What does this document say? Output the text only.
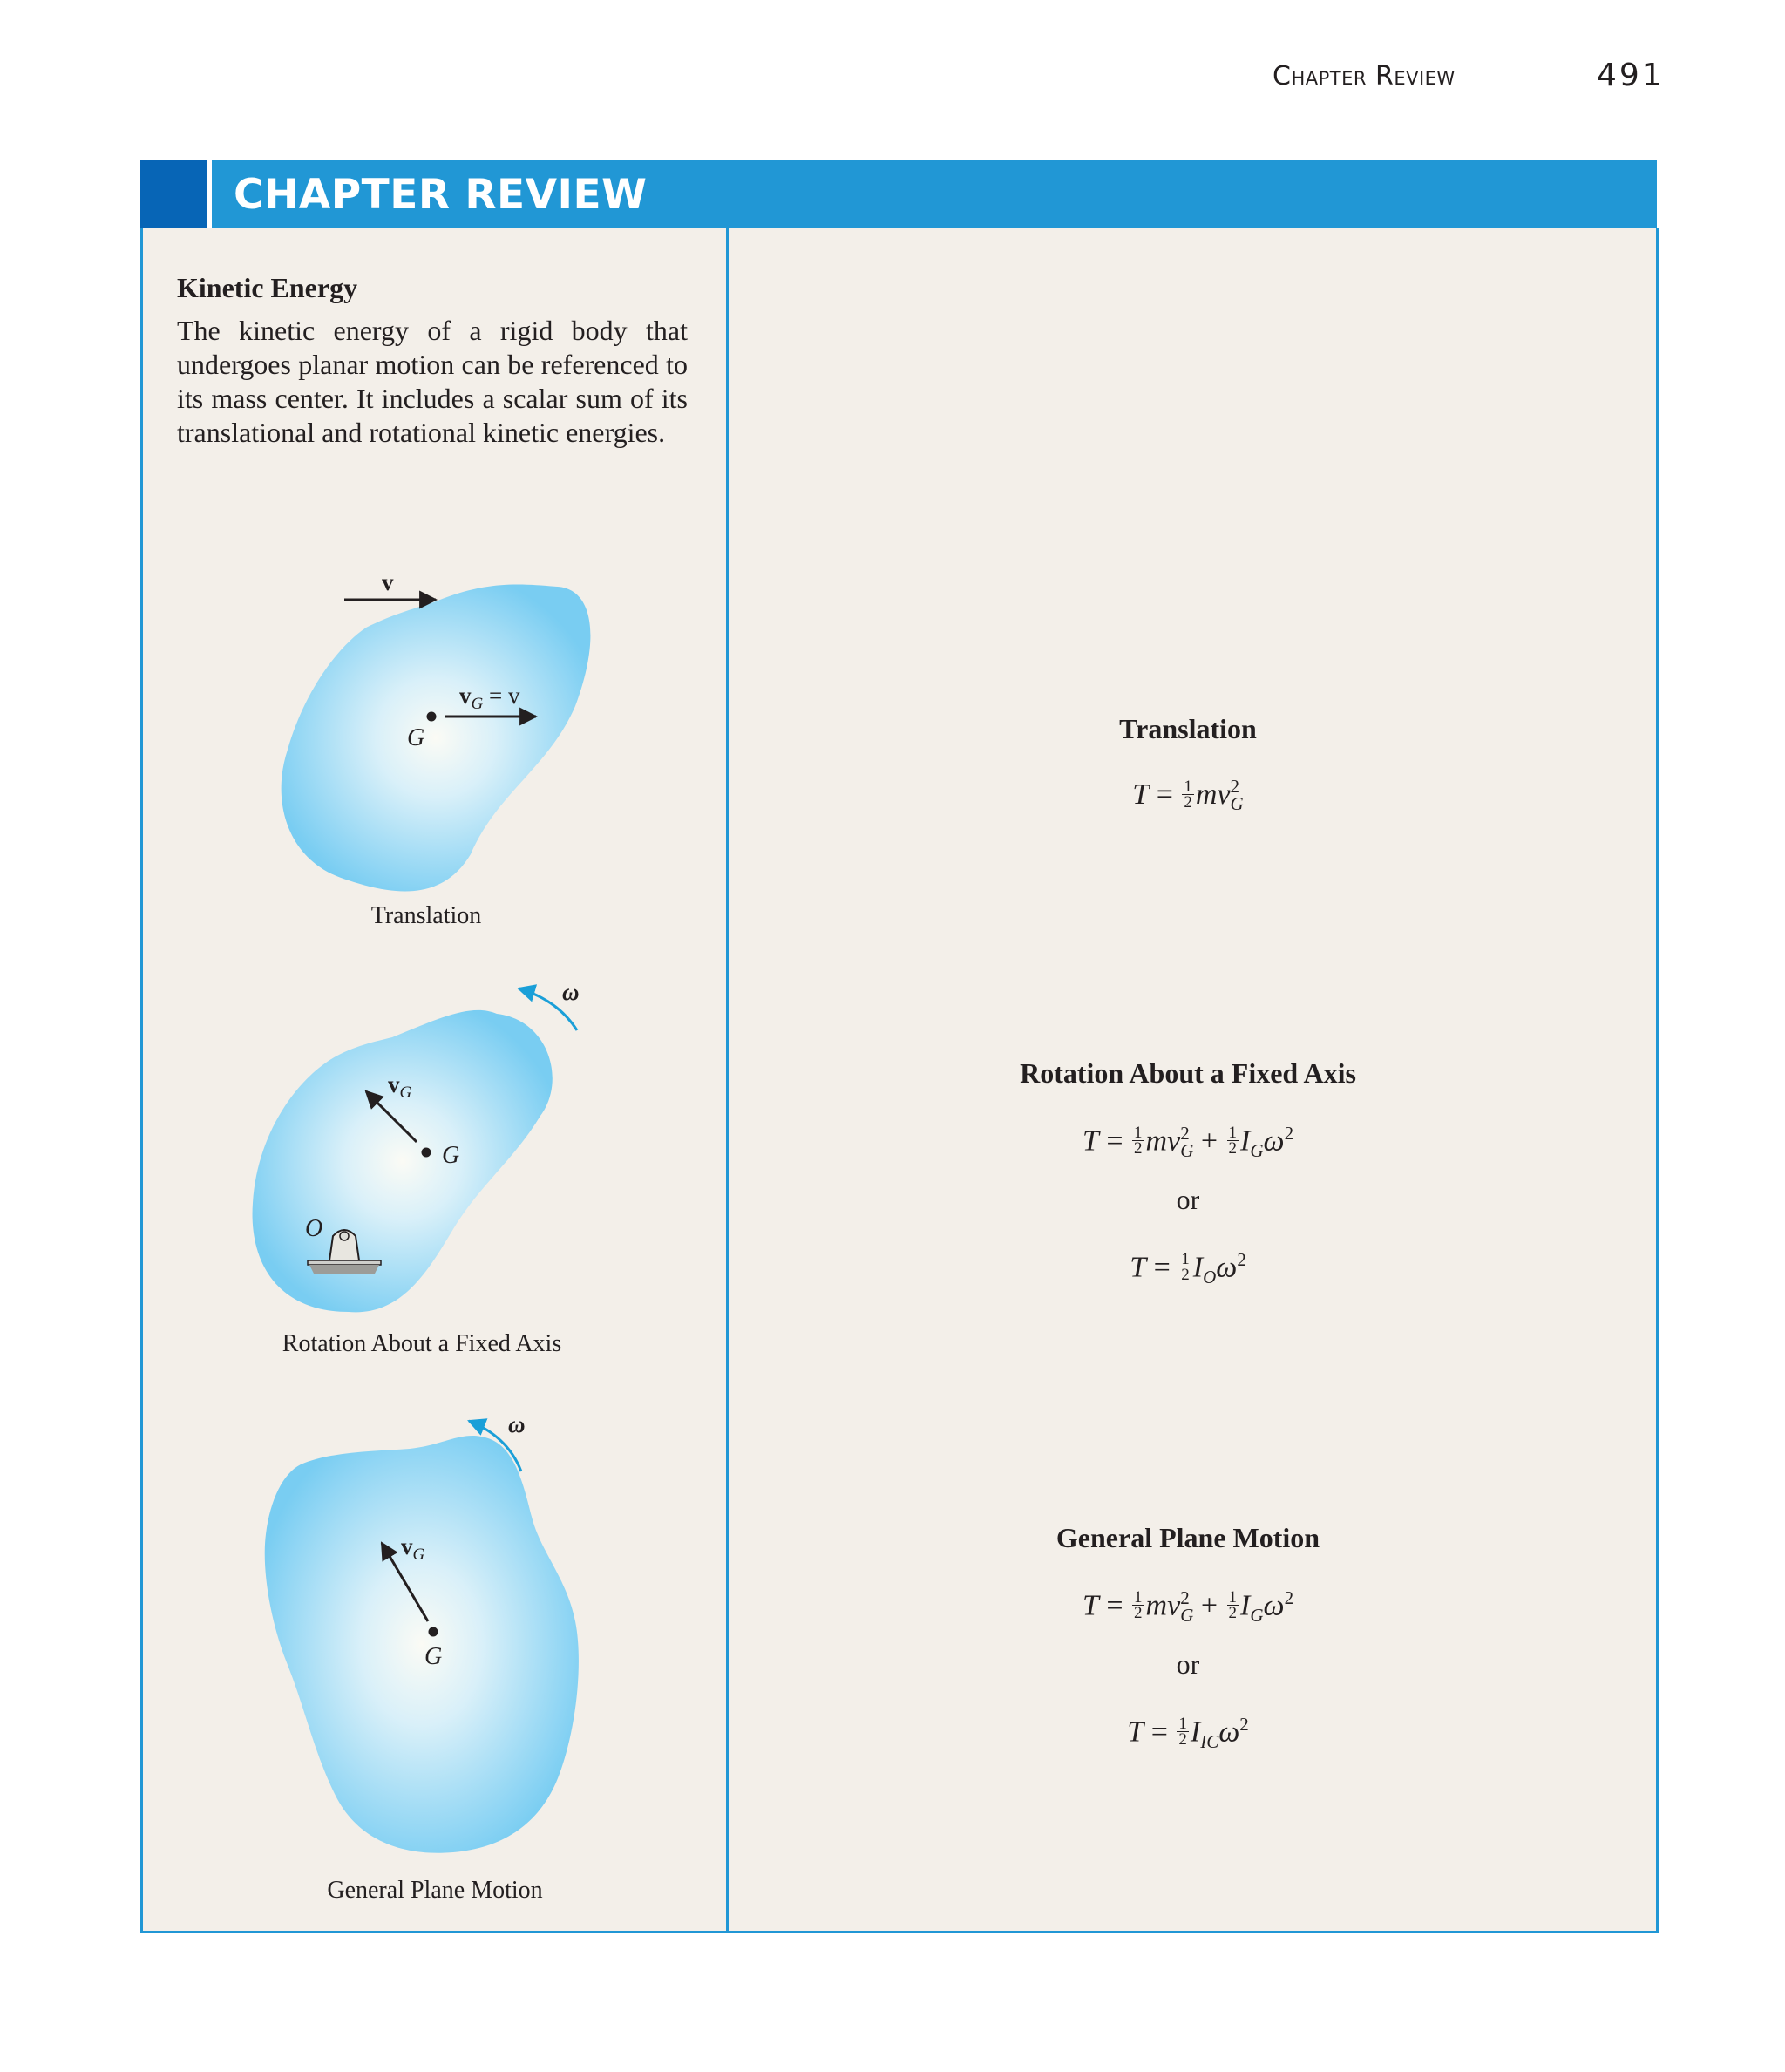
Chapter Review	491
CHAPTER REVIEW
Kinetic Energy
The kinetic energy of a rigid body that undergoes planar motion can be referenced to its mass center. It includes a scalar sum of its translational and rotational kinetic energies.
v
$v_G = v$
G
ω
$v_G$
G
O
ω
$v_G$
G
Translation
Rotation About a Fixed Axis
General Plane Motion
Translation
$T = \frac{1}{2}$ mv 2
G
Rotation About a Fixed Axis
$T = \frac{1}{2}$ mv 2
$G + \frac{1}{2} I_G\omega^2$
or
$T = \frac{1}{2} I_O\omega^2$
General Plane Motion
$T = \frac{1}{2}$ mv 2
$G + \frac{1}{2} I_G\omega^2$
or
$T = \frac{1}{2} I_{IC}\omega^2$
